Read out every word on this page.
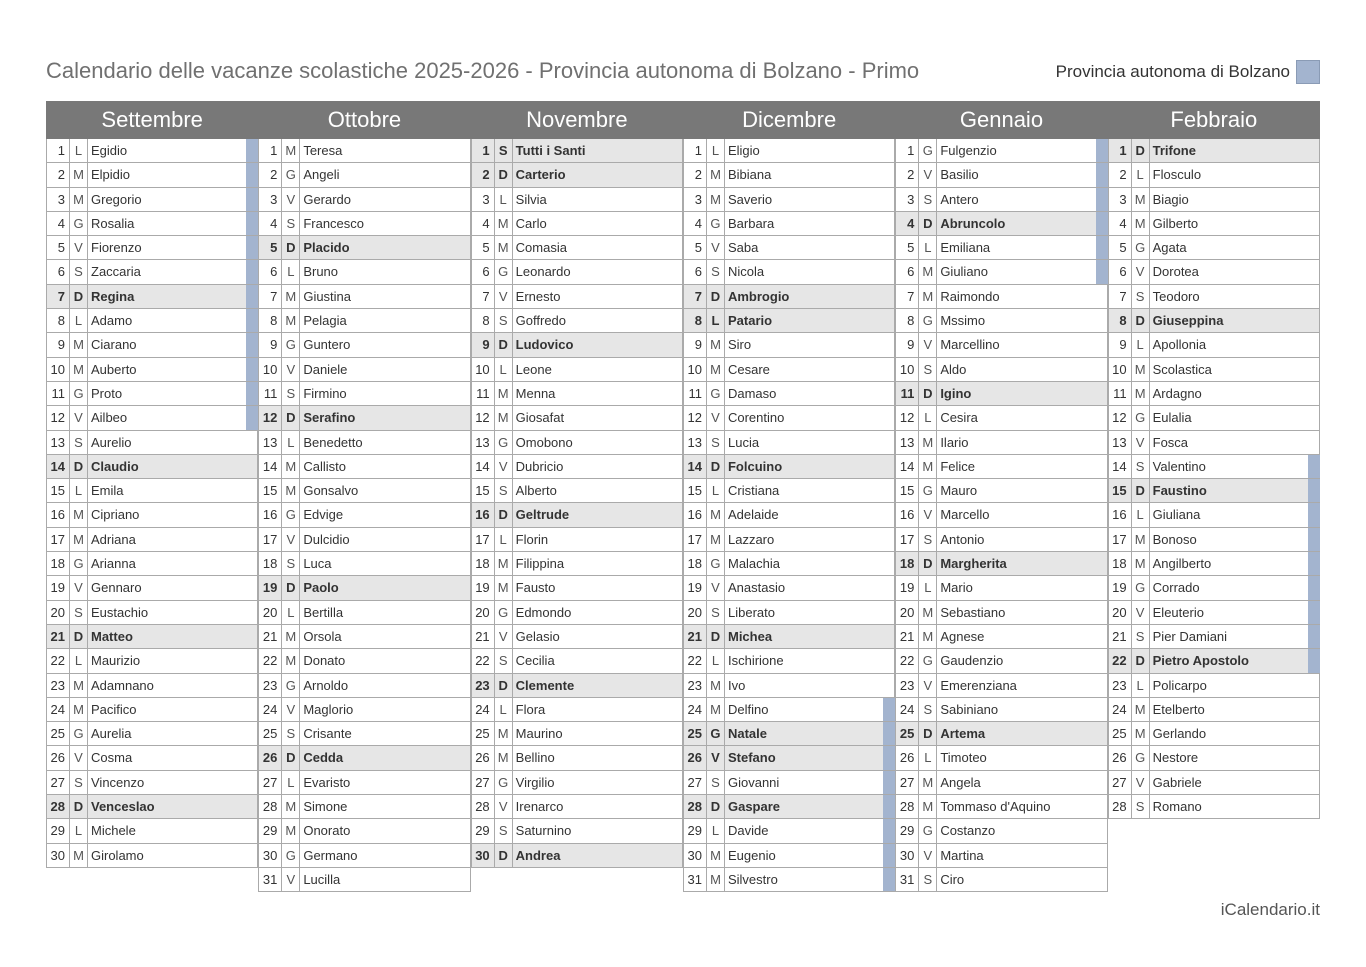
Calendario delle vacanze scolastiche 2025-2026 - Provincia autonoma di Bolzano - Primo	Provincia autonoma di Bolzano
Settembre
1 L Egidio
2 M Elpidio
3 M Gregorio
4 G Rosalia
5 V Fiorenzo
6 S Zaccaria
7 D Regina
8 L Adamo
9 M Ciarano
10 M Auberto
11 G Proto
12 V Ailbeo
13 S Aurelio
14 D Claudio
15 L Emila
16 M Cipriano
17 M Adriana
18 G Arianna
19 V Gennaro
20 S Eustachio
21 D Matteo
22 L Maurizio
23 M Adamnano
24 M Pacifico
25 G Aurelia
26 V Cosma
27 S Vincenzo
28 D Venceslao
29 L Michele
30 M Girolamo
Ottobre
1 M Teresa
2 G Angeli
3 V Gerardo
4 S Francesco
5 D Placido
6 L Bruno
7 M Giustina
8 M Pelagia
9 G Guntero
10 V Daniele
11 S Firmino
12 D Serafino
13 L Benedetto
14 M Callisto
15 M Gonsalvo
16 G Edvige
17 V Dulcidio
18 S Luca
19 D Paolo
20 L Bertilla
21 M Orsola
22 M Donato
23 G Arnoldo
24 V Maglorio
25 S Crisante
26 D Cedda
27 L Evaristo
28 M Simone
29 M Onorato
30 G Germano
31 V Lucilla
Novembre
1 S Tutti i Santi
2 D Carterio
3 L Silvia
4 M Carlo
5 M Comasia
6 G Leonardo
7 V Ernesto
8 S Goffredo
9 D Ludovico
10 L Leone
11 M Menna
12 M Giosafat
13 G Omobono
14 V Dubricio
15 S Alberto
16 D Geltrude
17 L Florin
18 M Filippina
19 M Fausto
20 G Edmondo
21 V Gelasio
22 S Cecilia
23 D Clemente
24 L Flora
25 M Maurino
26 M Bellino
27 G Virgilio
28 V Irenarco
29 S Saturnino
30 D Andrea
Dicembre
1 L Eligio
2 M Bibiana
3 M Saverio
4 G Barbara
5 V Saba
6 S Nicola
7 D Ambrogio
8 L Patario
9 M Siro
10 M Cesare
11 G Damaso
12 V Corentino
13 S Lucia
14 D Folcuino
15 L Cristiana
16 M Adelaide
17 M Lazzaro
18 G Malachia
19 V Anastasio
20 S Liberato
21 D Michea
22 L Ischirione
23 M Ivo
24 M Delfino
25 G Natale
26 V Stefano
27 S Giovanni
28 D Gaspare
29 L Davide
30 M Eugenio
31 M Silvestro
Gennaio
1 G Fulgenzio
2 V Basilio
3 S Antero
4 D Abruncolo
5 L Emiliana
6 M Giuliano
7 M Raimondo
8 G Mssimo
9 V Marcellino
10 S Aldo
11 D Igino
12 L Cesira
13 M Ilario
14 M Felice
15 G Mauro
16 V Marcello
17 S Antonio
18 D Margherita
19 L Mario
20 M Sebastiano
21 M Agnese
22 G Gaudenzio
23 V Emerenziana
24 S Sabiniano
25 D Artema
26 L Timoteo
27 M Angela
28 M Tommaso d'Aquino
29 G Costanzo
30 V Martina
31 S Ciro
Febbraio
1 D Trifone
2 L Flosculo
3 M Biagio
4 M Gilberto
5 G Agata
6 V Dorotea
7 S Teodoro
8 D Giuseppina
9 L Apollonia
10 M Scolastica
11 M Ardagno
12 G Eulalia
13 V Fosca
14 S Valentino
15 D Faustino
16 L Giuliana
17 M Bonoso
18 M Angilberto
19 G Corrado
20 V Eleuterio
21 S Pier Damiani
22 D Pietro Apostolo
23 L Policarpo
24 M Etelberto
25 M Gerlando
26 G Nestore
27 V Gabriele
28 S Romano
iCalendario.it
